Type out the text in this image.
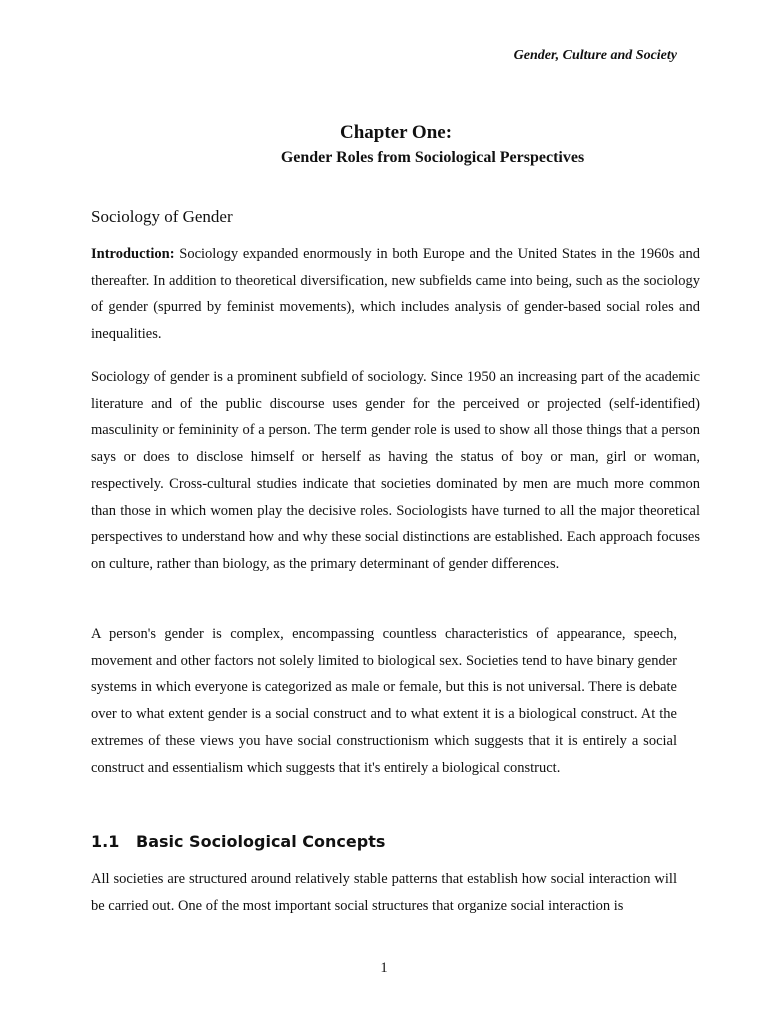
Gender, Culture and Society
Chapter One:
Gender Roles from Sociological Perspectives
Sociology of Gender

Introduction: Sociology expanded enormously in both Europe and the United States in the 1960s and thereafter. In addition to theoretical diversification, new subfields came into being, such as the sociology of gender (spurred by feminist movements), which includes analysis of gender-based social roles and inequalities.

Sociology of gender is a prominent subfield of sociology. Since 1950 an increasing part of the academic literature and of the public discourse uses gender for the perceived or projected (self-identified) masculinity or femininity of a person. The term gender role is used to show all those things that a person says or does to disclose himself or herself as having the status of boy or man, girl or woman, respectively. Cross-cultural studies indicate that societies dominated by men are much more common than those in which women play the decisive roles. Sociologists have turned to all the major theoretical perspectives to understand how and why these social distinctions are established. Each approach focuses on culture, rather than biology, as the primary determinant of gender differences.

A person's gender is complex, encompassing countless characteristics of appearance, speech, movement and other factors not solely limited to biological sex. Societies tend to have binary gender systems in which everyone is categorized as male or female, but this is not universal. There is debate over to what extent gender is a social construct and to what extent it is a biological construct. At the extremes of these views you have social constructionism which suggests that it is entirely a social construct and essentialism which suggests that it's entirely a biological construct.

1.1 Basic Sociological Concepts

All societies are structured around relatively stable patterns that establish how social interaction will be carried out. One of the most important social structures that organize social interaction is

1
